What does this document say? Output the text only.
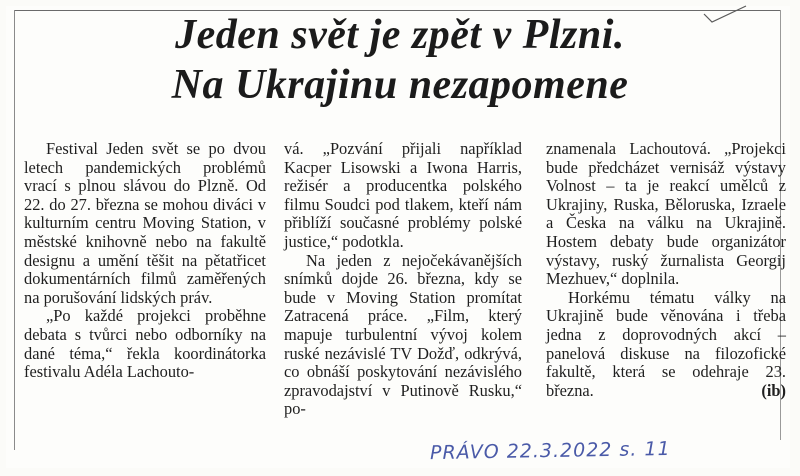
Jeden svět je zpět v Plzni.
Na Ukrajinu nezapomene

Festival Jeden svět se po dvou letech pandemických problémů vrací s plnou slávou do Plzně. Od 22. do 27. března se mohou diváci v kulturním centru Moving Station, v městské knihovně nebo na fakultě designu a umění těšit na pětatřicet dokumentárních filmů zaměřených na porušování lidských práv.

„Po každé projekci proběhne debata s tvůrci nebo odborníky na dané téma,“ řekla koordinátorka festivalu Adéla Lachouto-

vá. „Pozvání přijali například Kacper Lisowski a Iwona Harris, režisér a producentka polského filmu Soudci pod tlakem, kteří nám přiblíží současné problémy polské justice,“ podotkla.

Na jeden z nejočekávanějších snímků dojde 26. března, kdy se bude v Moving Station promítat Zatracená práce. „Film, který mapuje turbulentní vývoj kolem ruské nezávislé TV Dožď, odkrývá, co obnáší poskytování nezávislého zpravodajství v Putinově Rusku,“ po-

znamenala Lachoutová. „Projekci bude předcházet vernisáž výstavy Volnost – ta je reakcí umělců z Ukrajiny, Ruska, Běloruska, Izraele a Česka na válku na Ukrajině. Hostem debaty bude organizátor výstavy, ruský žurnalista Georgij Mezhuev,“ doplnila.

Horkému tématu války na Ukrajině bude věnována i třeba jedna z doprovodných akcí – panelová diskuse na filozofické fakultě, která se odehraje 23. března.	(ib)

PRÁVO 22.3.2022 s. 11
